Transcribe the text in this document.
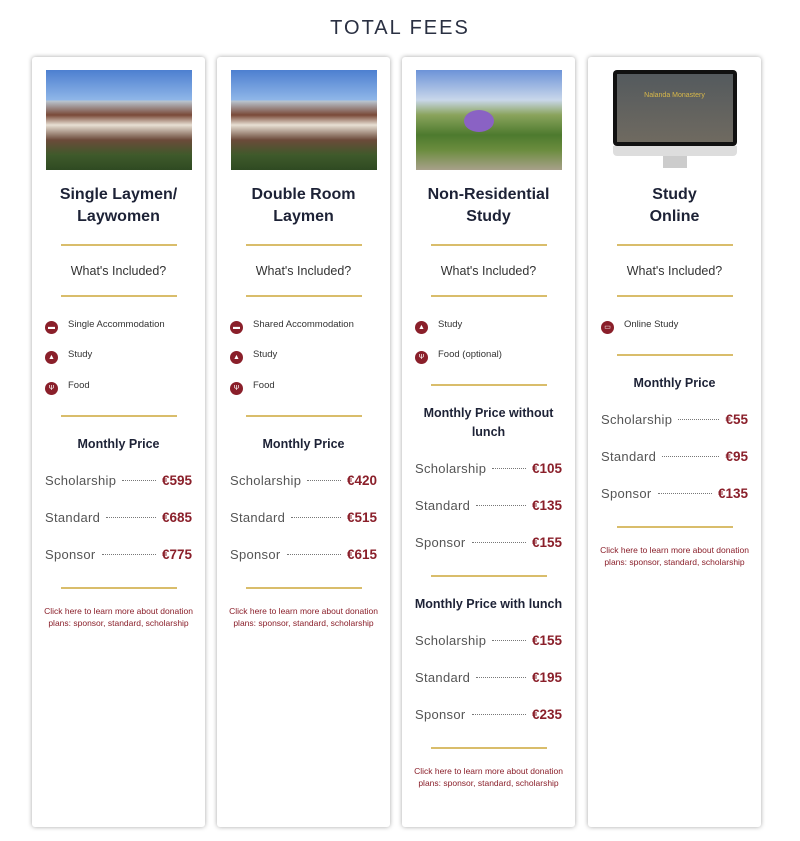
TOTAL FEES
Single Laymen/
Laywomen
What's Included?
▬	Single Accommodation
▲	Study
Ψ	Food
Monthly Price
Scholarship	€595
Standard	€685
Sponsor	€775
Click here to learn more about donation plans: sponsor, standard, scholarship
Double Room
Laymen
What's Included?
▬	Shared Accommodation
▲	Study
Ψ	Food
Monthly Price
Scholarship	€420
Standard	€515
Sponsor	€615
Click here to learn more about donation plans: sponsor, standard, scholarship
Non-Residential
Study
What's Included?
▲	Study
Ψ	Food (optional)
Monthly Price without lunch
Scholarship	€105
Standard	€135
Sponsor	€155
Monthly Price with lunch
Scholarship	€155
Standard	€195
Sponsor	€235
Click here to learn more about donation plans: sponsor, standard, scholarship
Nalanda Monastery
Study
Online
What's Included?
▭	Online Study
Monthly Price
Scholarship	€55
Standard	€95
Sponsor	€135
Click here to learn more about donation plans: sponsor, standard, scholarship
